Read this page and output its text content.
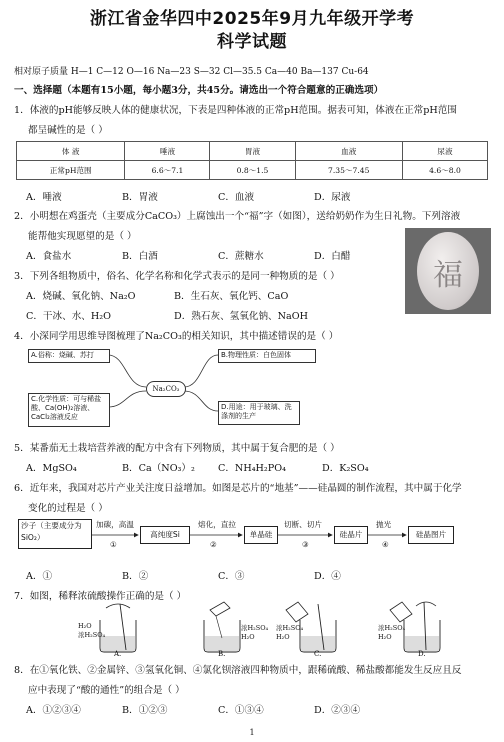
浙江省金华四中2025年9月九年级开学考
科学试题
相对原子质量 H—1 C—12 O—16 Na—23 S—32 Cl—35.5 Ca—40 Ba—137 Cu-64
一、选择题（本题有15小题，每小题3分，共45分。请选出一个符合题意的正确选项）
1．体液的pH能够反映人体的健康状况，下表是四种体液的正常pH范围。据表可知，体液在正常pH范围
都呈碱性的是（ ）
体 液	唾液	胃液	血液	尿液
正常pH范围	6.6～7.1	0.8～1.5	7.35～7.45	4.6～8.0
A．唾液	B．胃液	C．血液	D．尿液
2．小明想在鸡蛋壳（主要成分CaCO₃）上腐蚀出一个“福”字（如图），送给奶奶作为生日礼物。下列溶液
能帮他实现愿望的是（ ）
A．食盐水	B．白酒	C．蔗糖水	D．白醋
福
3．下列各组物质中，俗名、化学名称和化学式表示的是同一种物质的是（ ）
A．烧碱、氧化钠、Na₂O	B．生石灰、氧化钙、CaO
C．干冰、水、H₂O	D．熟石灰、氢氧化钠、NaOH
4．小深同学用思维导图梳理了Na₂CO₃的相关知识，其中描述错误的是（ ）
A.俗称：烧碱、苏打
Na₂CO₃
B.物理性质：白色固体
C.化学性质：可与稀盐酸、Ca(OH)₂溶液、CaCl₂溶液反应
D.用途：用于玻璃、洗涤剂的生产
5．某番茄无土栽培营养液的配方中含有下列物质，其中属于复合肥的是（ ）
A．MgSO₄	B．Ca（NO₃）₂	C．NH₄H₂PO₄	D．K₂SO₄
6．近年来，我国对芯片产业关注度日益增加。如图是芯片的“地基”——硅晶圆的制作流程，其中属于化学
变化的过程是（ ）
沙子（主要成分为SiO₂）
加碳，高温
①
高纯度Si
熔化，直拉
②
单晶硅
切断、切片
③
硅晶片
抛光
④
硅晶图片
A．①	B．②	C．③	D．④
7．如图，稀释浓硫酸操作正确的是（ ）
H₂O
浓H₂SO₄
A.
浓H₂SO₄
H₂O
B.
浓H₂SO₄
H₂O
C.
浓H₂SO₄
H₂O
D.
8．在①氧化铁、②金属锌、③氢氧化铜、④氯化钡溶液四种物质中，跟稀硫酸、稀盐酸都能发生反应且反
应中表现了“酸的通性”的组合是（ ）
A．①②③④	B．①②③	C．①③④	D．②③④
1
